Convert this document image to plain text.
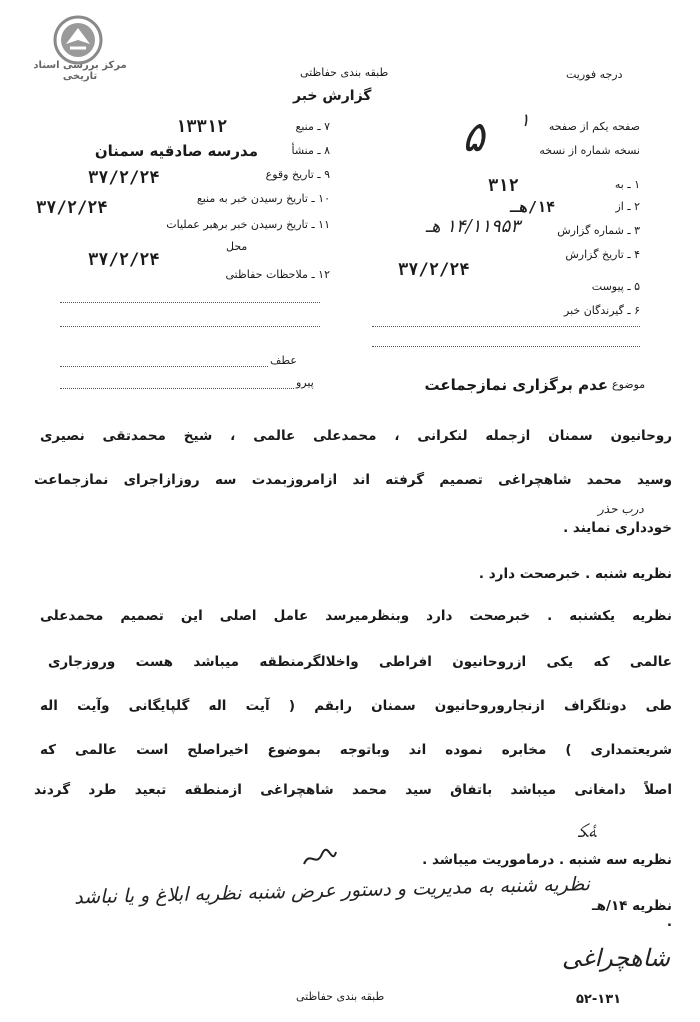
مرکز بررسی اسناد تاریخی	طبقه بندی حفاظتی	درجه فوریت
گزارش خبر
۷ ـ منبع
۱۳۳۱۲
۸ ـ منشأ
مدرسه صادقیه سمنان
۹ ـ تاریخ وقوع
۳۷/۲/۲۴
۱۰ ـ تاریخ رسیدن خبر به منبع
۳۷/۲/۲۴
۱۱ ـ تاریخ رسیدن خبر برهبر عملیات
محل
۳۷/۲/۲۴
۱۲ ـ ملاحظات حفاظتی
صفحه یکم از صفحه
۱
نسخه شماره از نسخه
۵
۱ ـ به
۳۱۲
۲ ـ از
۱۴/هـ
۳ ـ شماره گزارش
۱۴/۱۱۹۵۳ هـ
۴ ـ تاریخ گزارش
۳۷/۲/۲۴
۵ ـ پیوست
۶ ـ گیرندگان خبر
عطف
پیرو	موضوع
عدم برگزاری نمازجماعت
روحانیون سمنان ازجمله لنکرانی ، محمدعلی عالمی ، شیخ محمدتقی نصیری
وسید محمد شاهچراغی تصمیم گرفته اند ازامروزبمدت سه روزازاجرای نمازجماعت
درب حذر
خودداری نمایند .
نظریه شنبه . خبرصحت دارد .
نظریه یکشنبه . خبرصحت دارد وبنظرمیرسد عامل اصلی این تصمیم محمدعلی
عالمی که یکی ازروحانیون افراطی واخلالگرمنطقه میباشد هست وروزجاری
طی دوتلگراف ازنجاروروحانیون سمنان رابقم ( آیت اله گلپایگانی وآیت اله
شریعتمداری ) مخابره نموده اند وباتوجه بموضوع اخیراصلح است عالمی که
اصلاً دامغانی میباشد باتفاق سید محمد شاهچراغی ازمنطقه تبعید طرد گردند
ﮥﮑ
نظریه سه شنبه . درماموریت میباشد .
نظریه ۱۴/هـ .
نظریه شنبه به مدیریت و دستور عرض شنبه نظریه ابلاغ و یا نباشد
شاهچراغی
طبقه بندی حفاظتی	۵۲-۱۳۱
